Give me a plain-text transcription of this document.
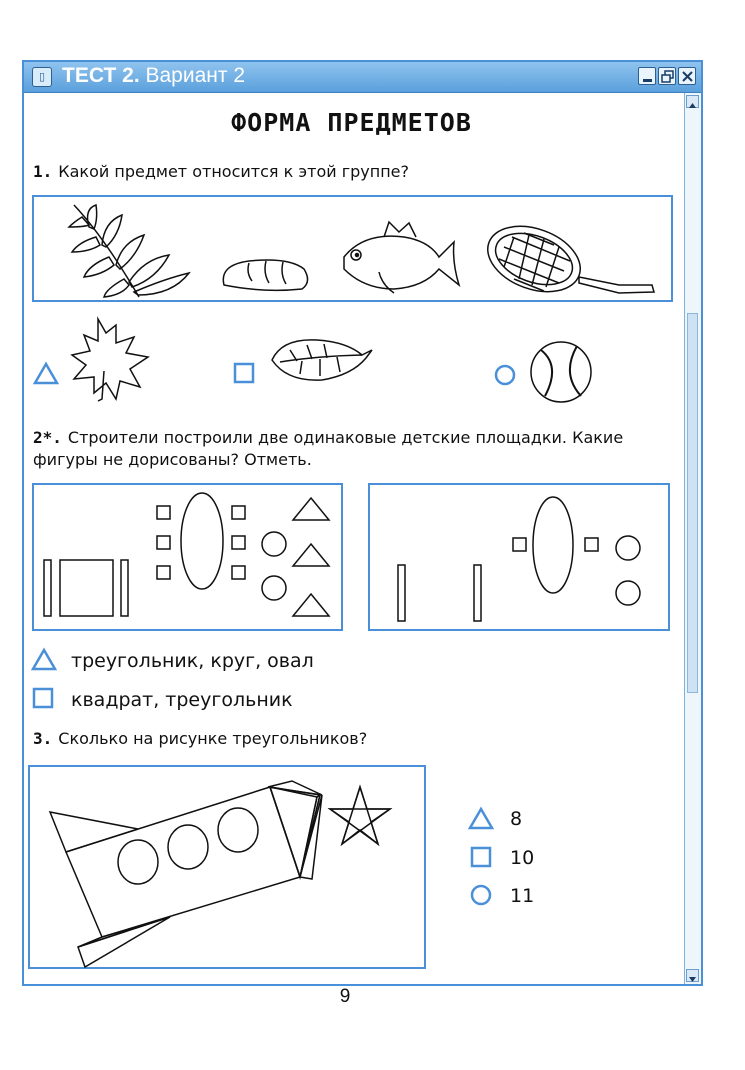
▯ ТЕСТ 2. Вариант 2
ФОРМА ПРЕДМЕТОВ
1. Какой предмет относится к этой группе?
2*. Строители построили две одинаковые детские площадки. Какие
фигуры не дорисованы? Отметь.
треугольник, круг, овал
квадрат, треугольник
3. Сколько на рисунке треугольников?
8
10
11
9
